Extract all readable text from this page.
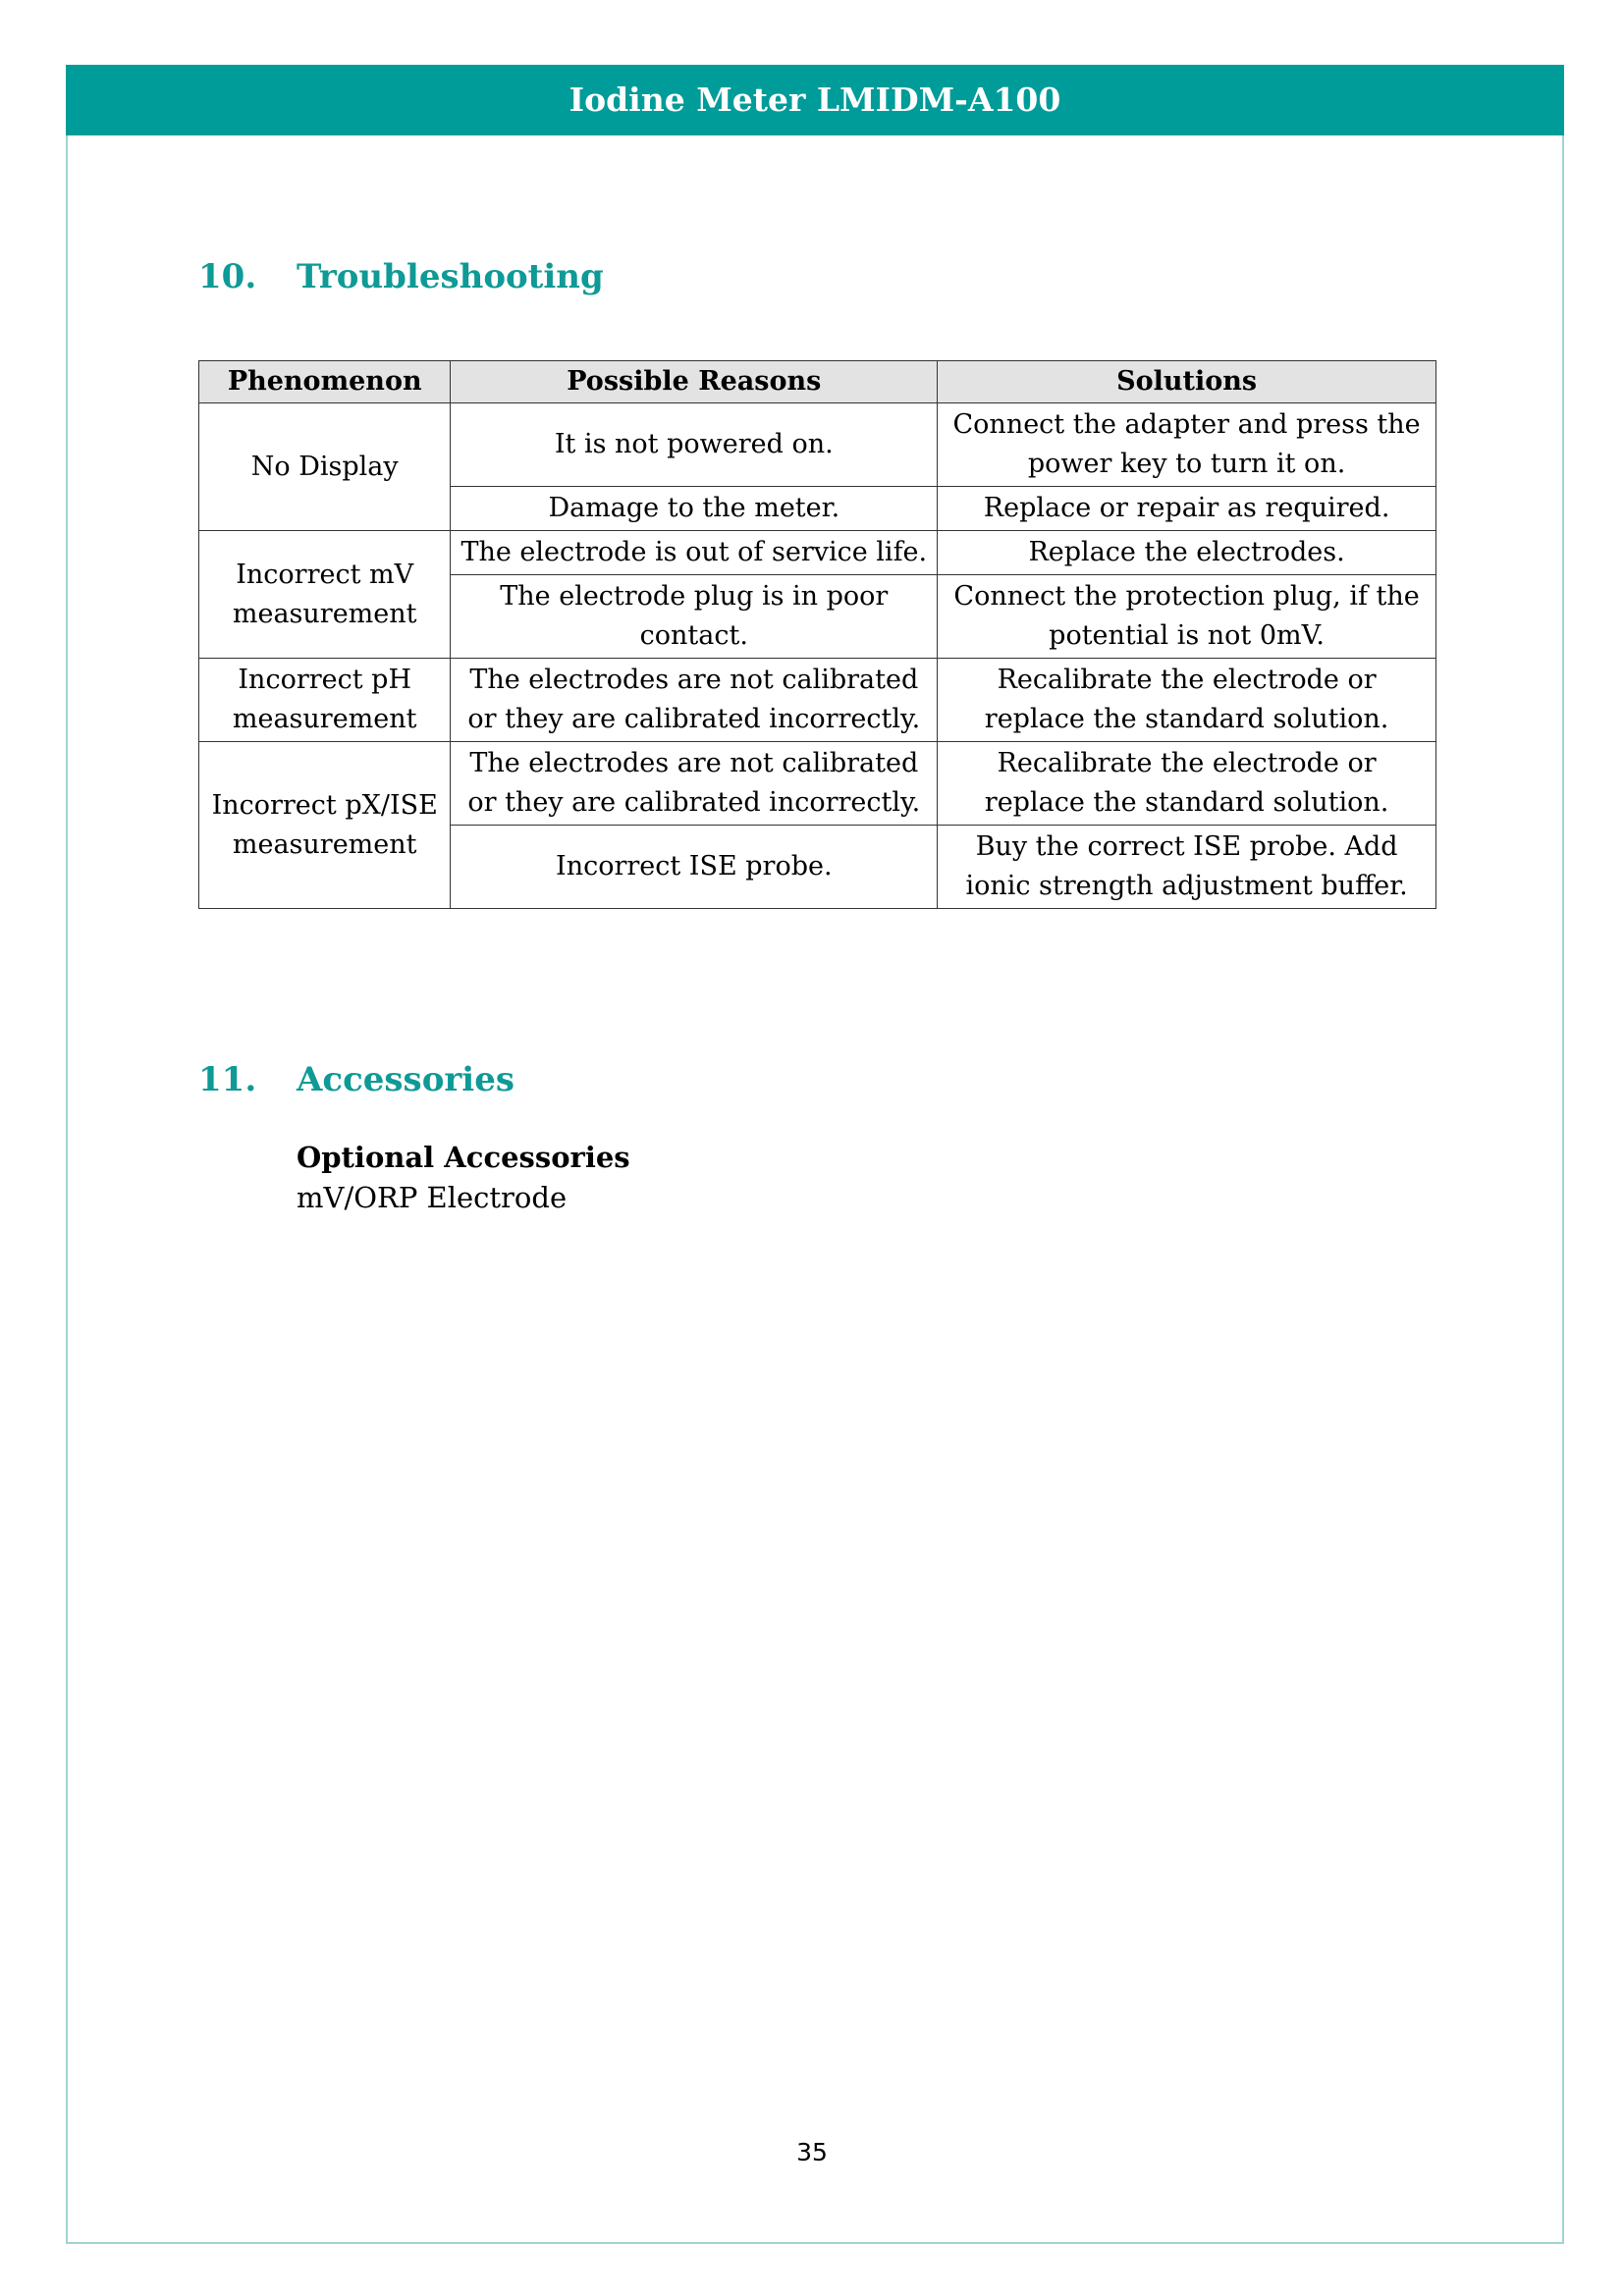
Iodine Meter LMIDM-A100
10. Troubleshooting
Phenomenon	Possible Reasons	Solutions
No Display	It is not powered on.	Connect the adapter and press the power key to turn it on.
	Damage to the meter.	Replace or repair as required.
Incorrect mV measurement	The electrode is out of service life.	Replace the electrodes.
	The electrode plug is in poor contact.	Connect the protection plug, if the potential is not 0mV.
Incorrect pH measurement	The electrodes are not calibrated or they are calibrated incorrectly.	Recalibrate the electrode or replace the standard solution.
Incorrect pX/ISE measurement	The electrodes are not calibrated or they are calibrated incorrectly.	Recalibrate the electrode or replace the standard solution.
	Incorrect ISE probe.	Buy the correct ISE probe. Add ionic strength adjustment buffer.
11. Accessories
Optional Accessories
mV/ORP Electrode
35
